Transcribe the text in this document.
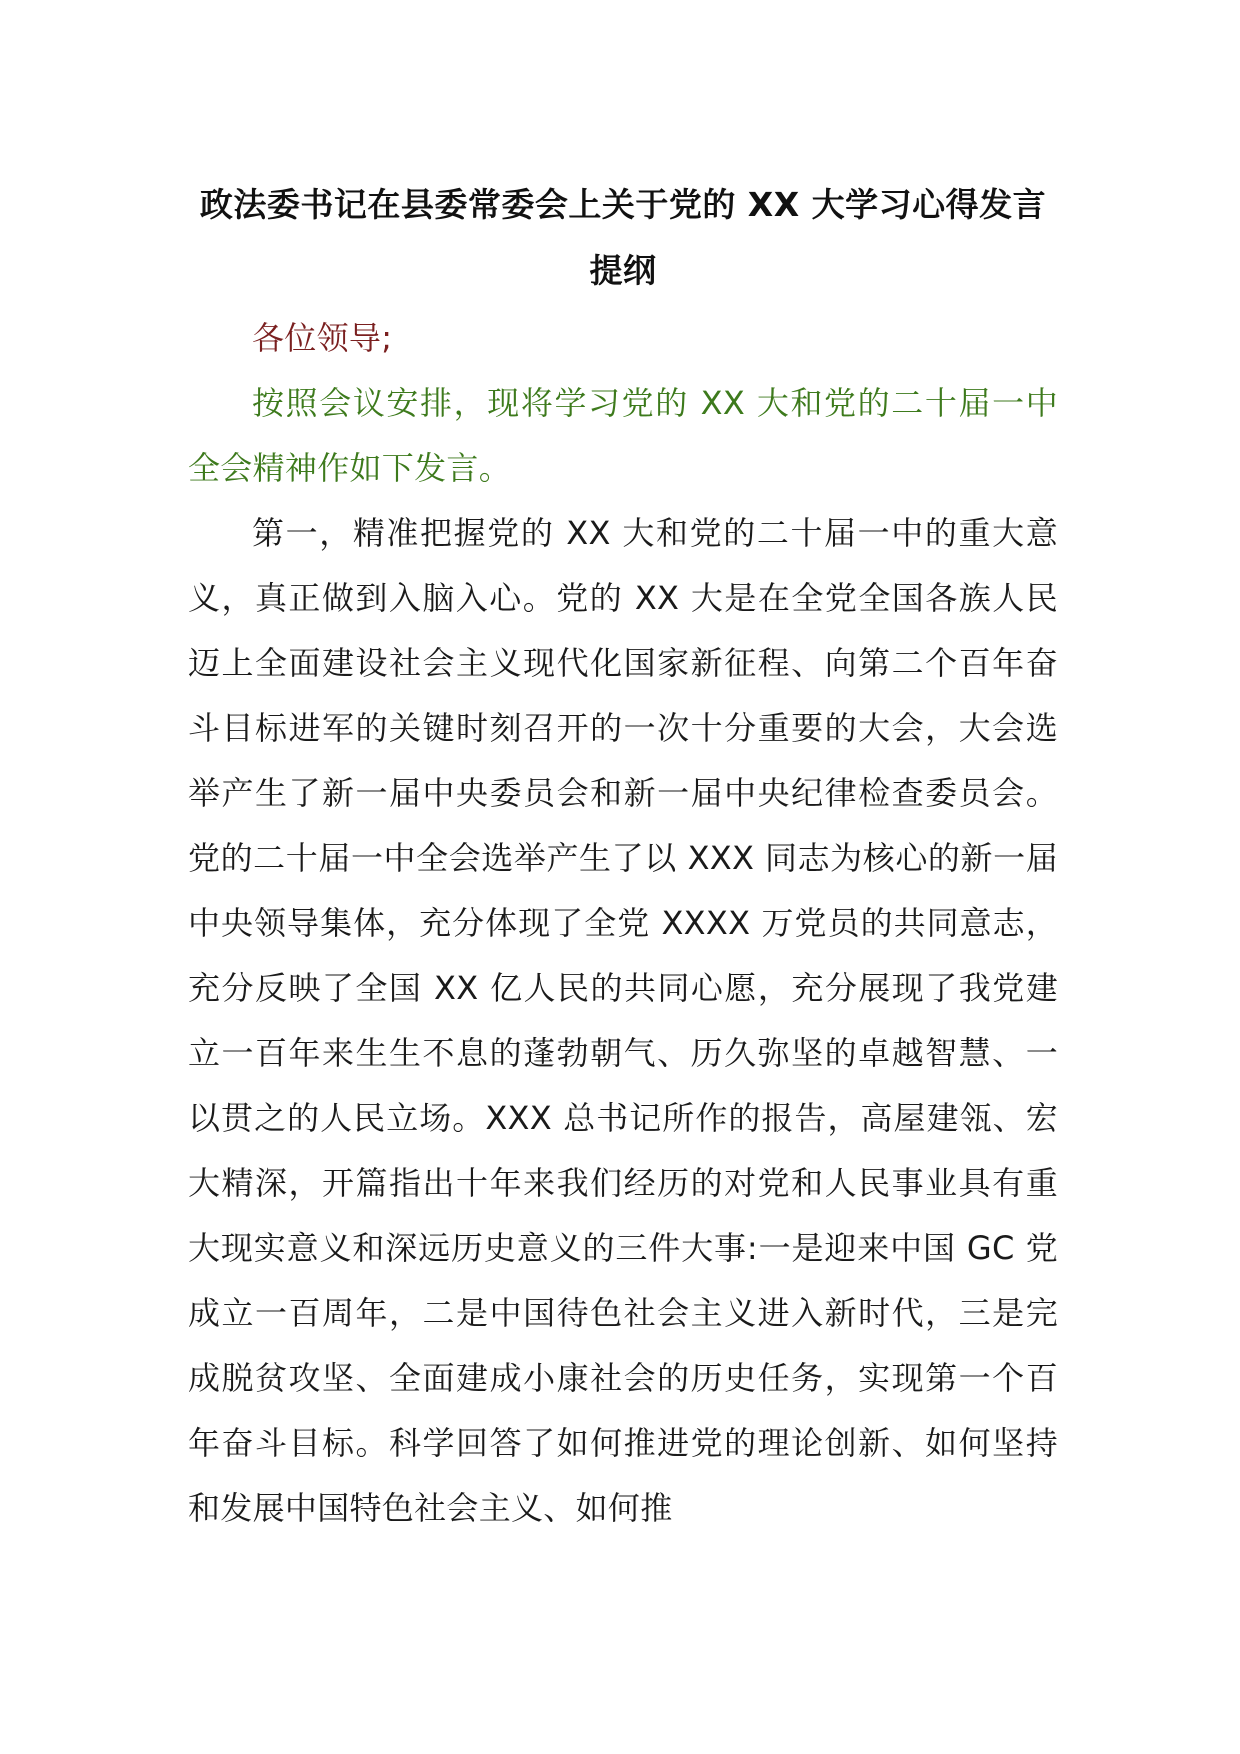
政法委书记在县委常委会上关于党的 XX 大学习心得发言提纲

各位领导;

按照会议安排，现将学习党的 XX 大和党的二十届一中全会精神作如下发言。

第一，精准把握党的 XX 大和党的二十届一中的重大意义，真正做到入脑入心。党的 XX 大是在全党全国各族人民迈上全面建设社会主义现代化国家新征程、向第二个百年奋斗目标进军的关键时刻召开的一次十分重要的大会，大会选举产生了新一届中央委员会和新一届中央纪律检查委员会。党的二十届一中全会选举产生了以 XXX 同志为核心的新一届中央领导集体，充分体现了全党 XXXX 万党员的共同意志，充分反映了全国 XX 亿人民的共同心愿，充分展现了我党建立一百年来生生不息的蓬勃朝气、历久弥坚的卓越智慧、一以贯之的人民立场。XXX 总书记所作的报告，高屋建瓴、宏大精深，开篇指出十年来我们经历的对党和人民事业具有重大现实意义和深远历史意义的三件大事:一是迎来中国 GC 党成立一百周年，二是中国待色社会主义进入新时代，三是完成脱贫攻坚、全面建成小康社会的历史任务，实现第一个百年奋斗目标。科学回答了如何推进党的理论创新、如何坚持和发展中国特色社会主义、如何推
